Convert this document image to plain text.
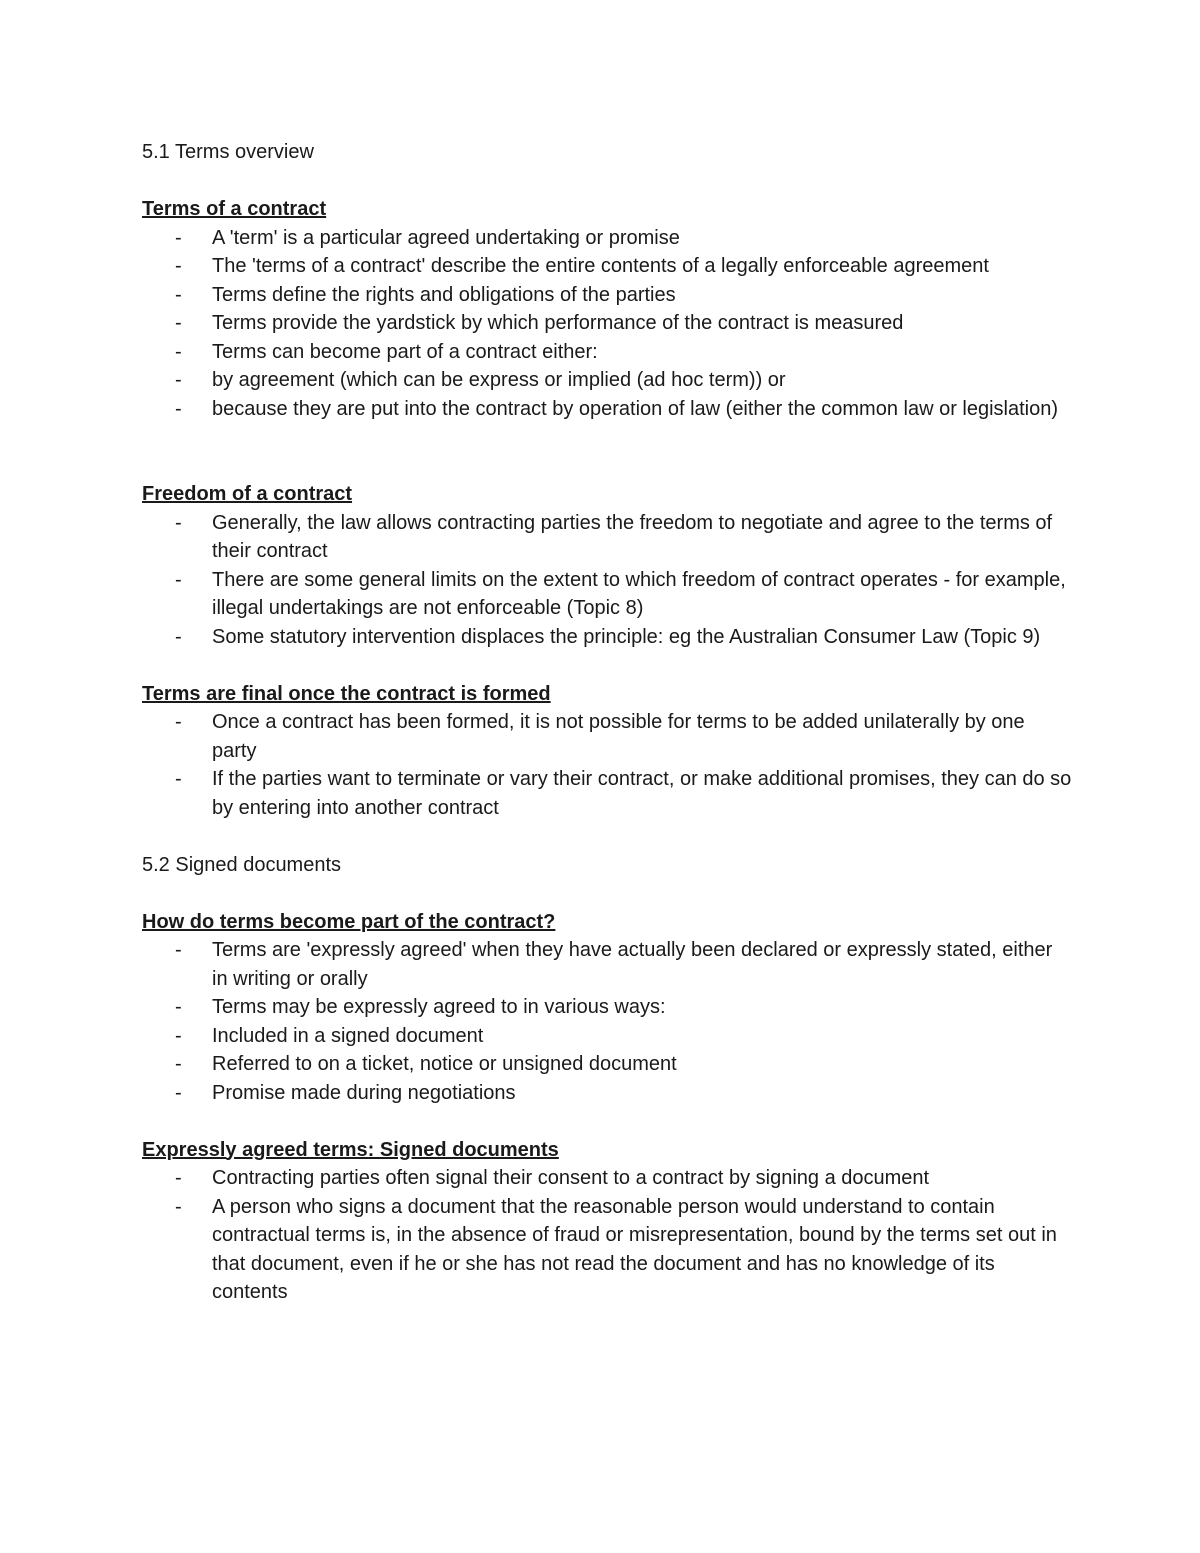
5.1 Terms overview

Terms of a contract

- A 'term' is a particular agreed undertaking or promise
- The 'terms of a contract' describe the entire contents of a legally enforceable agreement
- Terms define the rights and obligations of the parties
- Terms provide the yardstick by which performance of the contract is measured
- Terms can become part of a contract either:
- by agreement (which can be express or implied (ad hoc term)) or
- because they are put into the contract by operation of law (either the common law or legislation)

Freedom of a contract

- Generally, the law allows contracting parties the freedom to negotiate and agree to the terms of their contract
- There are some general limits on the extent to which freedom of contract operates - for example, illegal undertakings are not enforceable (Topic 8)
- Some statutory intervention displaces the principle: eg the Australian Consumer Law (Topic 9)

Terms are final once the contract is formed

- Once a contract has been formed, it is not possible for terms to be added unilaterally by one party
- If the parties want to terminate or vary their contract, or make additional promises, they can do so by entering into another contract

5.2 Signed documents

How do terms become part of the contract?

- Terms are 'expressly agreed' when they have actually been declared or expressly stated, either in writing or orally
- Terms may be expressly agreed to in various ways:
- Included in a signed document
- Referred to on a ticket, notice or unsigned document
- Promise made during negotiations

Expressly agreed terms: Signed documents

- Contracting parties often signal their consent to a contract by signing a document
- A person who signs a document that the reasonable person would understand to contain contractual terms is, in the absence of fraud or misrepresentation, bound by the terms set out in that document, even if he or she has not read the document and has no knowledge of its contents
